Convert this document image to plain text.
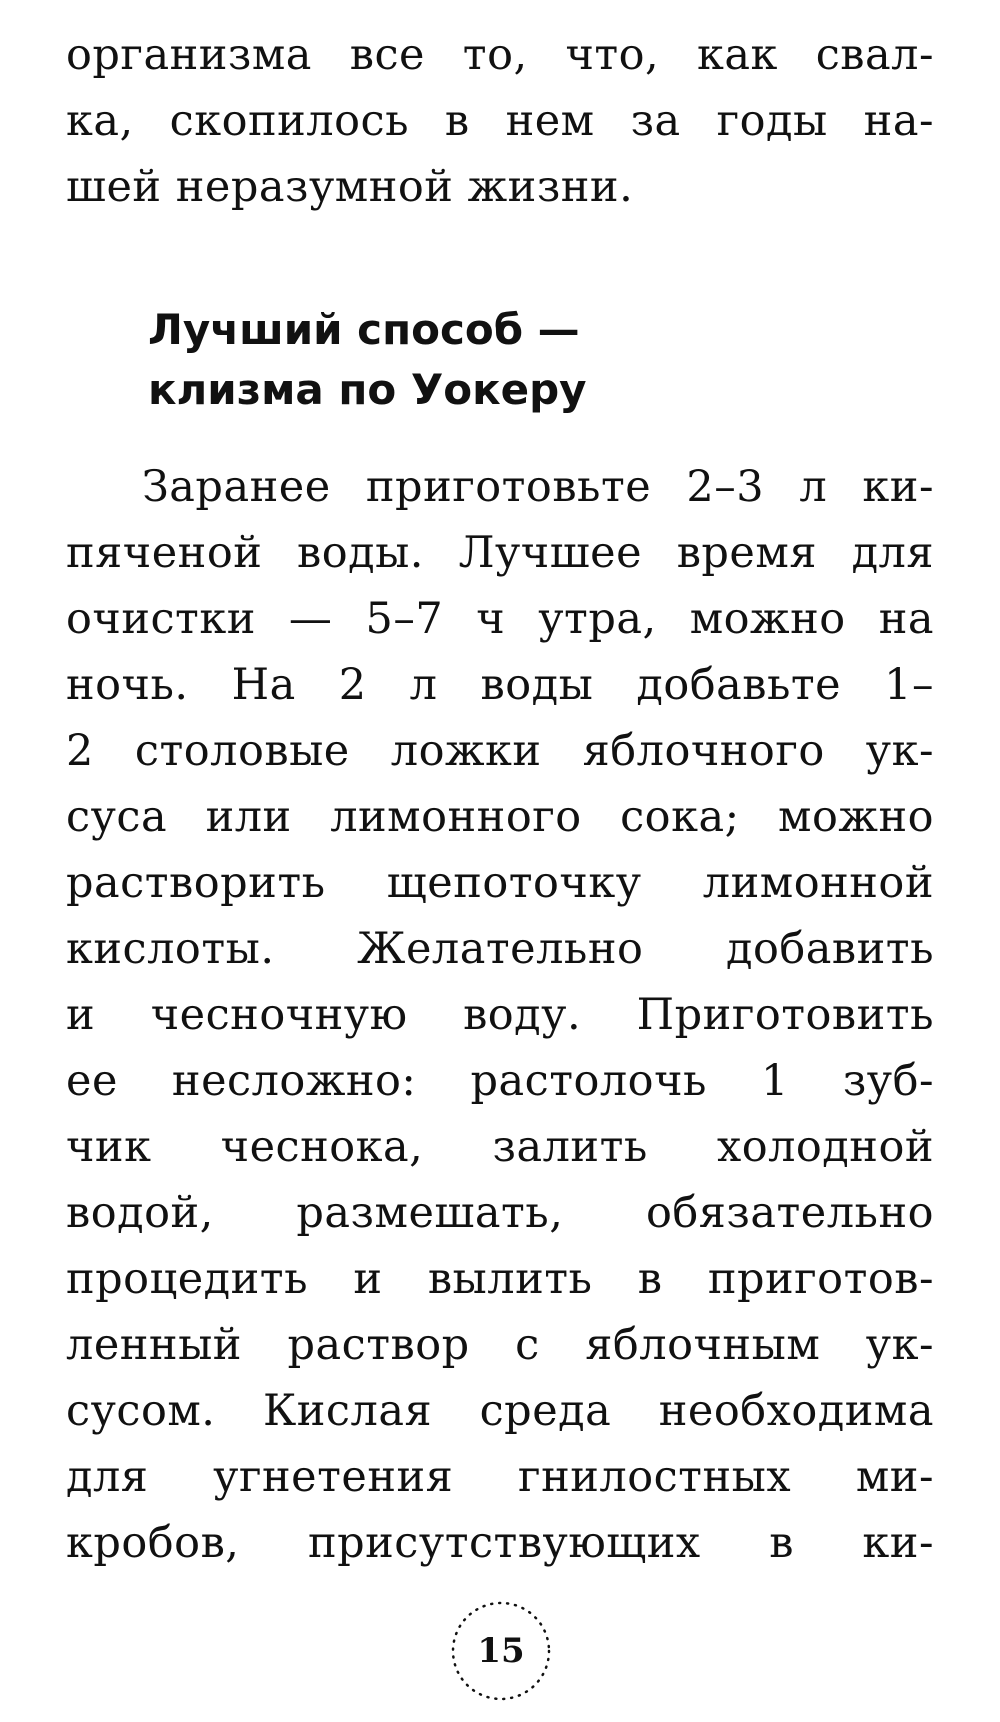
организма все то, что, как свал-
ка, скопилось в нем за годы на-
шей неразумной жизни.
Лучший способ —
клизма по Уокеру
Заранее приготовьте 2–3 л ки-
пяченой воды. Лучшее время для
очистки — 5–7 ч утра, можно на
ночь. На 2 л воды добавьте 1–
2 столовые ложки яблочного ук-
суса или лимонного сока; можно
растворить щепоточку лимонной
кислоты. Желательно добавить
и чесночную воду. Приготовить
ее несложно: растолочь 1 зуб-
чик чеснока, залить холодной
водой, размешать, обязательно
процедить и вылить в приготов-
ленный раствор с яблочным ук-
сусом. Кислая среда необходима
для угнетения гнилостных ми-
кробов, присутствующих в ки-
15
